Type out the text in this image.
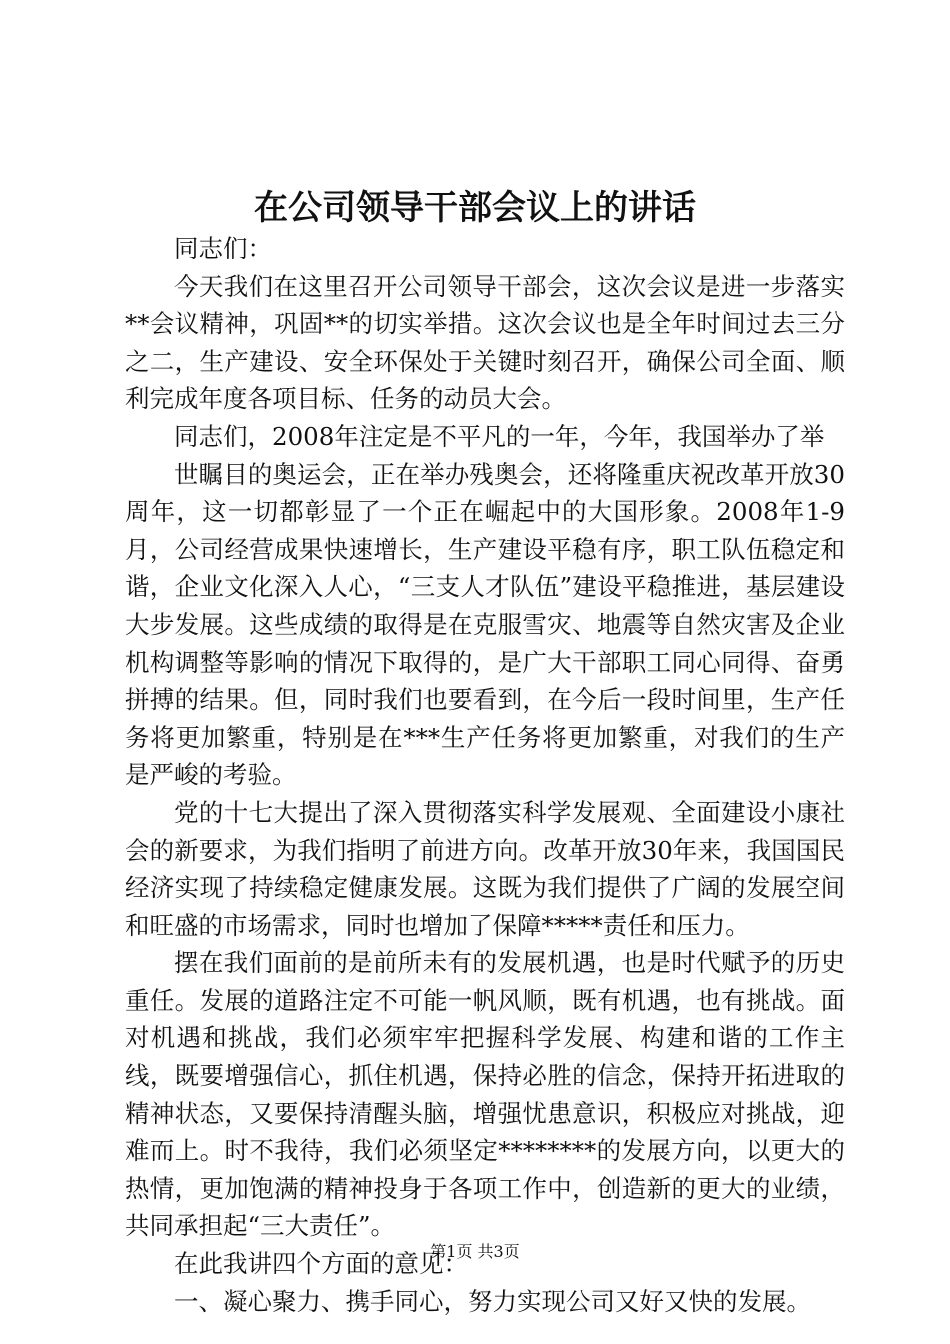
在公司领导干部会议上的讲话

同志们：

今天我们在这里召开公司领导干部会，这次会议是进一步落实**会议精神，巩固**的切实举措。这次会议也是全年时间过去三分之二，生产建设、安全环保处于关键时刻召开，确保公司全面、顺利完成年度各项目标、任务的动员大会。

同志们，2008年注定是不平凡的一年，今年，我国举办了举

世瞩目的奥运会，正在举办残奥会，还将隆重庆祝改革开放30周年，这一切都彰显了一个正在崛起中的大国形象。2008年1-9月，公司经营成果快速增长，生产建设平稳有序，职工队伍稳定和谐，企业文化深入人心，“三支人才队伍”建设平稳推进，基层建设大步发展。这些成绩的取得是在克服雪灾、地震等自然灾害及企业机构调整等影响的情况下取得的，是广大干部职工同心同得、奋勇拼搏的结果。但，同时我们也要看到，在今后一段时间里，生产任务将更加繁重，特别是在***生产任务将更加繁重，对我们的生产是严峻的考验。

党的十七大提出了深入贯彻落实科学发展观、全面建设小康社会的新要求，为我们指明了前进方向。改革开放30年来，我国国民经济实现了持续稳定健康发展。这既为我们提供了广阔的发展空间和旺盛的市场需求，同时也增加了保障*****责任和压力。

摆在我们面前的是前所未有的发展机遇，也是时代赋予的历史重任。发展的道路注定不可能一帆风顺，既有机遇，也有挑战。面对机遇和挑战，我们必须牢牢把握科学发展、构建和谐的工作主线，既要增强信心，抓住机遇，保持必胜的信念，保持开拓进取的精神状态，又要保持清醒头脑，增强忧患意识，积极应对挑战，迎难而上。时不我待，我们必须坚定********的发展方向，以更大的热情，更加饱满的精神投身于各项工作中，创造新的更大的业绩，共同承担起“三大责任”。

在此我讲四个方面的意见：

一、凝心聚力、携手同心，努力实现公司又好又快的发展。

第1页 共3页
